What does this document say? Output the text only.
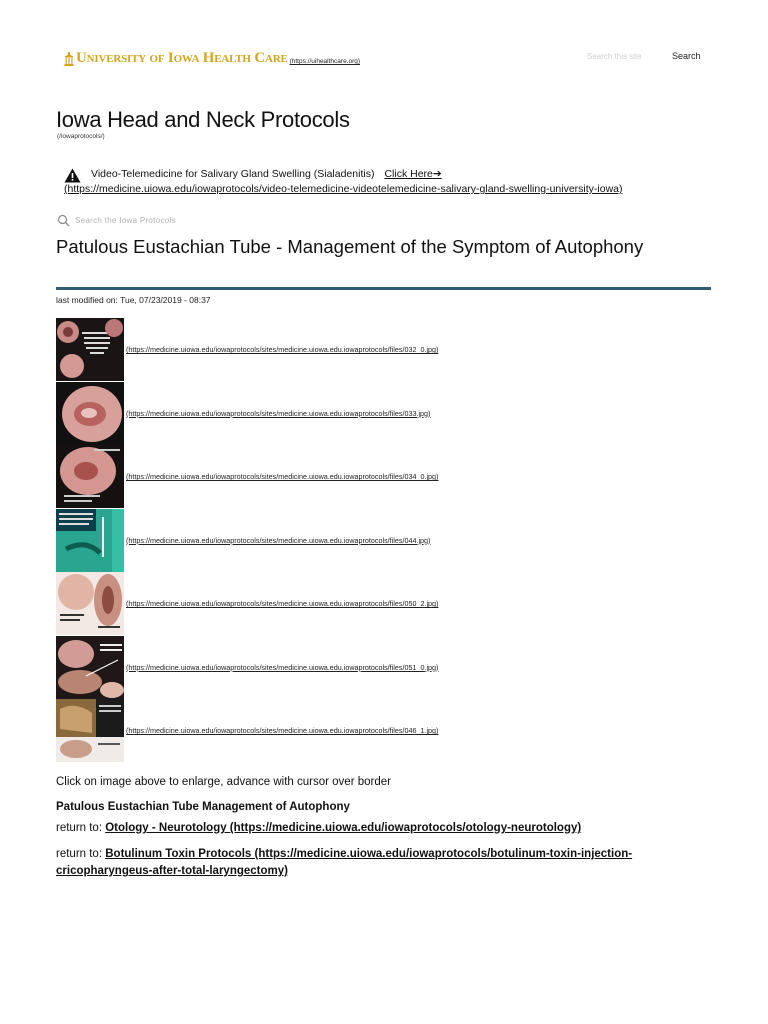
University of Iowa Health Care (https://uihealthcare.org)
Search this site
Search
Iowa Head and Neck Protocols
(/iowaprotocols/)
Video-Telemedicine for Salivary Gland Swelling (Sialadenitis) Click Here➔
(https://medicine.uiowa.edu/iowaprotocols/video-telemedicine-videotelemedicine-salivary-gland-swelling-university-iowa)
Search the Iowa Protocols
Patulous Eustachian Tube - Management of the Symptom of Autophony
last modified on: Tue, 07/23/2019 - 08:37
(https://medicine.uiowa.edu/iowaprotocols/sites/medicine.uiowa.edu.iowaprotocols/files/032_0.jpg)
(https://medicine.uiowa.edu/iowaprotocols/sites/medicine.uiowa.edu.iowaprotocols/files/033.jpg)
(https://medicine.uiowa.edu/iowaprotocols/sites/medicine.uiowa.edu.iowaprotocols/files/034_0.jpg)
(https://medicine.uiowa.edu/iowaprotocols/sites/medicine.uiowa.edu.iowaprotocols/files/044.jpg)
(https://medicine.uiowa.edu/iowaprotocols/sites/medicine.uiowa.edu.iowaprotocols/files/050_2.jpg)
(https://medicine.uiowa.edu/iowaprotocols/sites/medicine.uiowa.edu.iowaprotocols/files/051_0.jpg)
(https://medicine.uiowa.edu/iowaprotocols/sites/medicine.uiowa.edu.iowaprotocols/files/046_1.jpg)
Click on image above to enlarge, advance with cursor over border
Patulous Eustachian Tube Management of Autophony
return to: Otology - Neurotology (https://medicine.uiowa.edu/iowaprotocols/otology-neurotology)
return to: Botulinum Toxin Protocols (https://medicine.uiowa.edu/iowaprotocols/botulinum-toxin-injection-cricopharyngeus-after-total-laryngectomy)
